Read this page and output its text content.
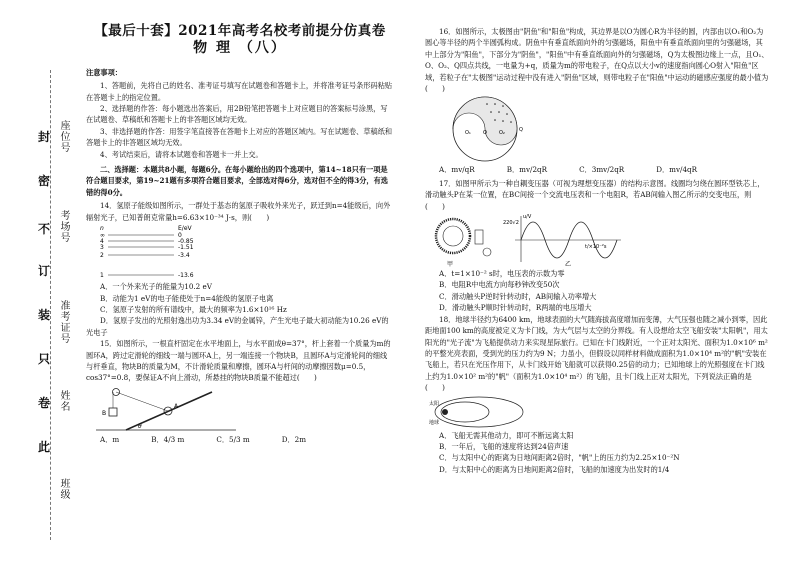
座位号
考场号
准考证号
姓名
班级
封
密
不
订
装
只
卷
此
【最后十套】2021年高考名校考前提分仿真卷
物 理 （八）

注意事项：

1、答题前，先将自己的姓名、准考证号填写在试题卷和答题卡上，并将准考证号条形码粘贴在答题卡上的指定位置。

2、选择题的作答：每小题选出答案后，用2B铅笔把答题卡上对应题目的答案标号涂黑，写在试题卷、草稿纸和答题卡上的非答题区域均无效。

3、非选择题的作答：用签字笔直接答在答题卡上对应的答题区域内。写在试题卷、草稿纸和答题卡上的非答题区域均无效。

4、考试结束后，请将本试题卷和答题卡一并上交。

二、选择题：本题共8小题，每题6分。在每小题给出的四个选项中，第14~18只有一项是符合题目要求，第19~21题有多项符合题目要求，全部选对得6分，选对但不全的得3分，有选错的得0分。

14．氢原子能级如图所示，一群处于基态的氢原子吸收外来光子，跃迁到n=4能级后，向外辐射光子，已知普朗克常量h=6.63×10⁻³⁴ J·s，则(　　)

n	E/eV
∞	0
4	-0.85
3	-1.51
2	-3.4
1	-13.6

A．一个外来光子的能量为10.2 eV

B．动能为1 eV的电子能使处于n=4能级的氢原子电离

C．氢原子发射的所有谱线中，最大的频率为1.6×10¹⁶ Hz

D．氢原子发出的光照射逸出功为3.34 eV的金属锌，产生光电子最大初动能为10.26 eV的光电子

15．如图所示，一根直杆固定在水平地面上，与水平面成θ=37°，杆上套着一个质量为m的圆环A，跨过定滑轮的细线一端与圆环A上，另一端连接一个物块B，且圆环A与定滑轮间的细线与杆垂直，物块B的质量为M，不计滑轮质量和摩擦，圆环A与杆间的动摩擦因数μ=0.5，cos37°=0.8，要保证A不向上滑动，所悬挂的物块B质量不能超过(　　)

A
B
θ
A．m	B．4/3 m	C．5/3 m	D．2m

16．如图所示，太极图由"阴鱼"和"阳鱼"构成，其边界是以O为圆心R为半径的圆，内部由以O₁和O₂为圆心等半径的两个半圆弧构成。阴鱼中有垂直纸面向外的匀强磁场，阳鱼中有垂直纸面向里的匀强磁场，其中上部分为"阳鱼"，下部分为"阴鱼"，"阳鱼"中有垂直纸面向外的匀强磁场，Q为太极图边缘上一点，且O₁、O、O₂、Q四点共线，一电量为+q，质量为m的带电粒子，在Q点以大小v的速度指向圆心O射入"阳鱼"区域，若粒子在"太极图"运动过程中没有进入"阴鱼"区域，则带电粒子在"阳鱼"中运动的磁感应强度的最小值为(　　)

O₁ O O₂	Q
A．mv/qR	B．mv/2qR	C．3mv/2qR	D．mv/4qR

17．如图甲所示为一种自耦变压器（可视为理想变压器）的结构示意图。线圈均匀绕在圆环型铁芯上，滑动触头P在某一位置，在BC间接一个交流电压表和一个电阻R，若AB间输入图乙所示的交变电压，则(　　)

甲
u/V
220√2
t/×10⁻²s
乙

A．t=1×10⁻² s时，电压表的示数为零

B．电阻R中电流方向每秒钟改变50次

C．滑动触头P逆时针转动时，AB间输入功率增大

D．滑动触头P顺时针转动时，R两端的电压增大

18．地球半径约为6400 km，地球表面的大气随海拔高度增加而变薄，大气压强也随之减小到零，因此距地面100 km的高度被定义为卡门线，为大气层与太空的分界线。有人设想给太空飞船安装"太阳帆"，用太阳光的"光子流"为飞船提供动力来实现星际旅行。已知在卡门线附近，一个正对太阳光、面积为1.0×10⁶ m²的平整光亮表面，受到光的压力约为9 N；力虽小，但假设以同样材料做成面积为1.0×10⁴ m²的"帆"安装在飞船上，若只在光压作用下，从卡门线开始飞船就可以获得0.25倍的动力；已知地球上的光照强度在卡门线上约为1.0×10² m²的"帆"（面积为1.0×10⁴ m²）的飞船，且卡门线上正对太阳光，下列说法正确的是(　　)

太阳
地球

A．飞船无需其他动力，即可不断远离太阳

B．一年后，飞船的速度将达到24倍声速

C．与太阳中心的距离为日地间距离2倍时，"帆"上的压力约为2.25×10⁻²N

D．与太阳中心的距离为日地间距离2倍时，飞船的加速度为出发时的1/4
